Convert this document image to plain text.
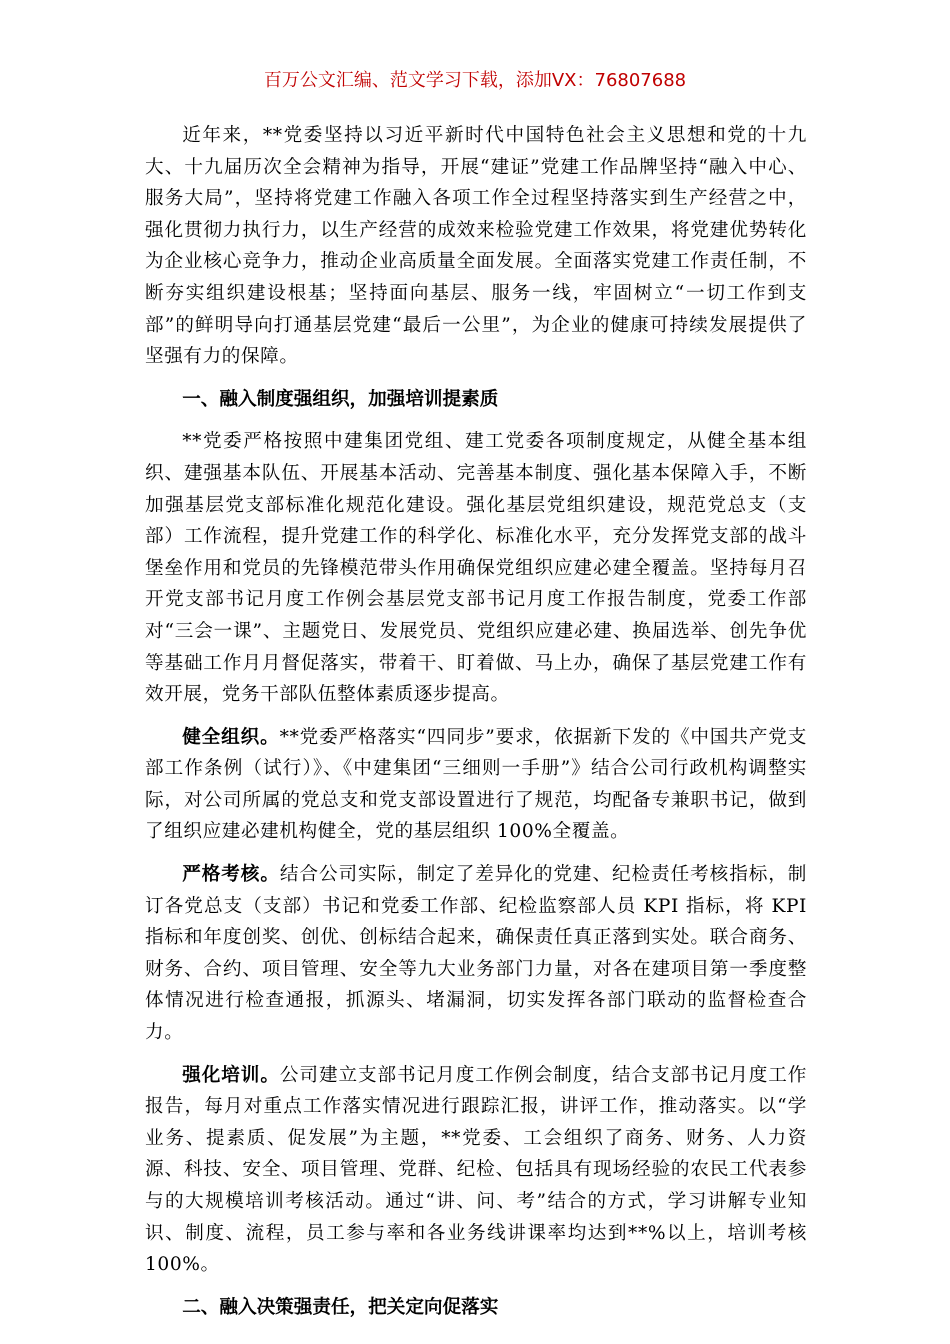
百万公文汇编、范文学习下载，添加VX：76807688

近年来，**党委坚持以习近平新时代中国特色社会主义思想和党的十九大、十九届历次全会精神为指导，开展“建证”党建工作品牌坚持“融入中心、服务大局”，坚持将党建工作融入各项工作全过程坚持落实到生产经营之中，强化贯彻力执行力，以生产经营的成效来检验党建工作效果，将党建优势转化为企业核心竞争力，推动企业高质量全面发展。全面落实党建工作责任制，不断夯实组织建设根基；坚持面向基层、服务一线，牢固树立“一切工作到支部”的鲜明导向打通基层党建“最后一公里”，为企业的健康可持续发展提供了坚强有力的保障。

一、融入制度强组织，加强培训提素质

**党委严格按照中建集团党组、建工党委各项制度规定，从健全基本组织、建强基本队伍、开展基本活动、完善基本制度、强化基本保障入手，不断加强基层党支部标准化规范化建设。强化基层党组织建设，规范党总支（支部）工作流程，提升党建工作的科学化、标准化水平，充分发挥党支部的战斗堡垒作用和党员的先锋模范带头作用确保党组织应建必建全覆盖。坚持每月召开党支部书记月度工作例会基层党支部书记月度工作报告制度，党委工作部对“三会一课”、主题党日、发展党员、党组织应建必建、换届选举、创先争优等基础工作月月督促落实，带着干、盯着做、马上办，确保了基层党建工作有效开展，党务干部队伍整体素质逐步提高。

健全组织。**党委严格落实“四同步”要求，依据新下发的《中国共产党支部工作条例（试行）》、《中建集团“三细则一手册”》结合公司行政机构调整实际，对公司所属的党总支和党支部设置进行了规范，均配备专兼职书记，做到了组织应建必建机构健全，党的基层组织 100%全覆盖。

严格考核。结合公司实际，制定了差异化的党建、纪检责任考核指标，制订各党总支（支部）书记和党委工作部、纪检监察部人员 KPI 指标，将 KPI 指标和年度创奖、创优、创标结合起来，确保责任真正落到实处。联合商务、财务、合约、项目管理、安全等九大业务部门力量，对各在建项目第一季度整体情况进行检查通报，抓源头、堵漏洞，切实发挥各部门联动的监督检查合力。

强化培训。公司建立支部书记月度工作例会制度，结合支部书记月度工作报告，每月对重点工作落实情况进行跟踪汇报，讲评工作，推动落实。以“学业务、提素质、促发展”为主题，**党委、工会组织了商务、财务、人力资源、科技、安全、项目管理、党群、纪检、包括具有现场经验的农民工代表参与的大规模培训考核活动。通过“讲、问、考”结合的方式，学习讲解专业知识、制度、流程，员工参与率和各业务线讲课率均达到**%以上，培训考核 100%。

二、融入决策强责任，把关定向促落实
